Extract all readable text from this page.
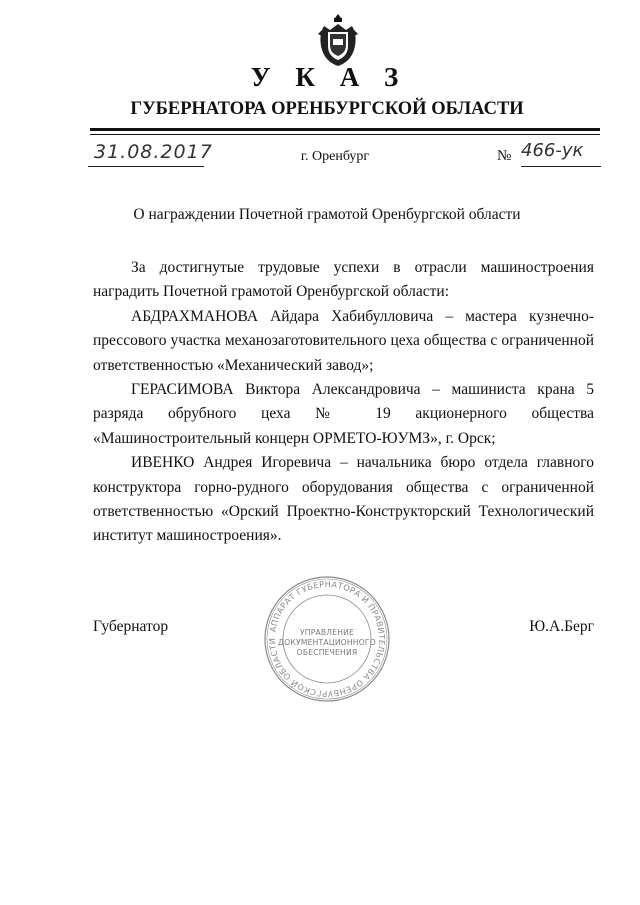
У К А З
ГУБЕРНАТОРА ОРЕНБУРГСКОЙ ОБЛАСТИ
31.08.2017	г. Оренбург	№ 466-ук
О награждении Почетной грамотой Оренбургской области

За достигнутые трудовые успехи в отрасли машиностроения наградить Почетной грамотой Оренбургской области:

АБДРАХМАНОВА Айдара Хабибулловича – мастера кузнечно-прессового участка механозаготовительного цеха общества с ограниченной ответственностью «Механический завод»;

ГЕРАСИМОВА Виктора Александровича – машиниста крана 5 разряда обрубного цеха № 19 акционерного общества «Машиностроительный концерн ОРМЕТО-ЮУМЗ», г. Орск;

ИВЕНКО Андрея Игоревича – начальника бюро отдела главного конструктора горно-рудного оборудования общества с ограниченной ответственностью «Орский Проектно-Конструкторский Технологический институт машиностроения».

Губернатор	Ю.А.Берг
АППАРАТ ГУБЕРНАТОРА И ПРАВИТЕЛЬСТВА ОРЕНБУРГСКОЙ ОБЛАСТИ
УПРАВЛЕНИЕ
ДОКУМЕНТАЦИОННОГО
ОБЕСПЕЧЕНИЯ
